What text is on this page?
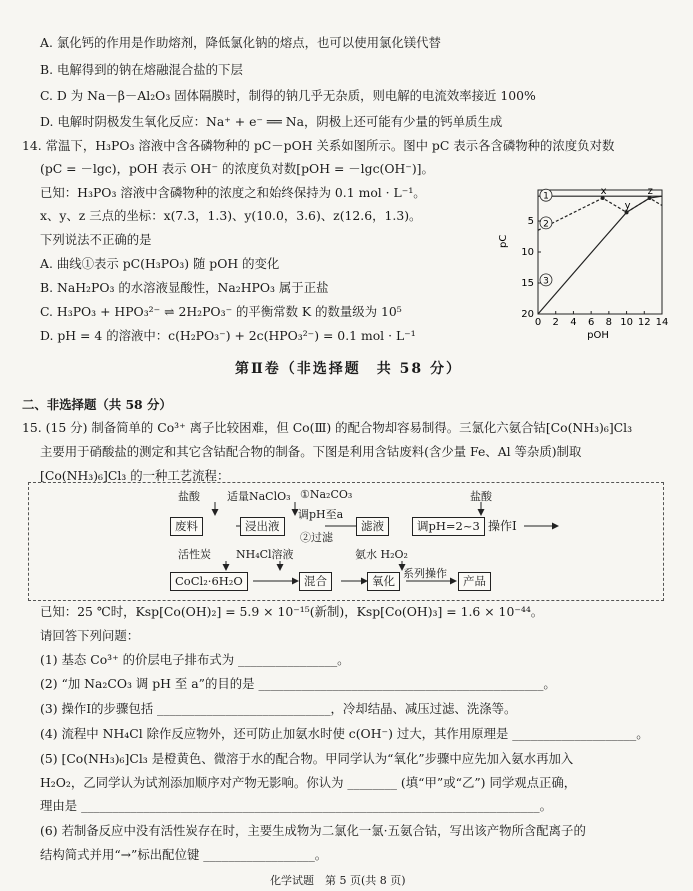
A. 氯化钙的作用是作助熔剂，降低氯化钠的熔点，也可以使用氯化镁代替
B. 电解得到的钠在熔融混合盐的下层
C. D 为 Na－β－Al₂O₃ 固体隔膜时，制得的钠几乎无杂质，则电解的电流效率接近 100%
D. 电解时阴极发生氧化反应：Na⁺ + e⁻ ══ Na，阴极上还可能有少量的钙单质生成
14. 常温下，H₃PO₃ 溶液中含各磷物种的 pC－pOH 关系如图所示。图中 pC 表示各含磷物种的浓度负对数
(pC = －lgc)，pOH 表示 OH⁻ 的浓度负对数[pOH = －lgc(OH⁻)]。
已知：H₃PO₃ 溶液中含磷物种的浓度之和始终保持为 0.1 mol · L⁻¹。
x、y、z 三点的坐标：x(7.3，1.3)、y(10.0，3.6)、z(12.6，1.3)。
下列说法不正确的是
A. 曲线①表示 pC(H₃PO₃) 随 pOH 的变化
B. NaH₂PO₃ 的水溶液显酸性，Na₂HPO₃ 属于正盐
C. H₃PO₃ + HPO₃²⁻ ⇌ 2H₂PO₃⁻ 的平衡常数 K 的数量级为 10⁵
D. pH = 4 的溶液中：c(H₂PO₃⁻) + 2c(HPO₃²⁻) = 0.1 mol · L⁻¹
1
2
3
x
y
z
0 2 4 6 8 10 12 14
5
10
15
20
pC
pOH
第Ⅱ卷（非选择题　共 58 分）
二、非选择题（共 58 分）
15. (15 分) 制备简单的 Co³⁺ 离子比较困难，但 Co(Ⅲ) 的配合物却容易制得。三氯化六氨合钴[Co(NH₃)₆]Cl₃
主要用于硝酸盐的测定和其它含钴配合物的制备。下图是利用含钴废料(含少量 Fe、Al 等杂质)制取
[Co(NH₃)₆]Cl₃ 的一种工艺流程：
盐酸 适量NaClO₃ ①Na₂CO₃
调pH至a
②过滤
盐酸
废料	浸出液	滤液	调pH=2~3 操作Ⅰ
活性炭 NH₄Cl溶液	氨水 H₂O₂
CoCl₂·6H₂O	混合	氧化
系列操作
产品
已知：25 ℃时，Ksp[Co(OH)₂] = 5.9 × 10⁻¹⁵(新制)，Ksp[Co(OH)₃] = 1.6 × 10⁻⁴⁴。
请回答下列问题：
(1) 基态 Co³⁺ 的价层电子排布式为 ________________。
(2) “加 Na₂CO₃ 调 pH 至 a”的目的是 ______________________________________________。
(3) 操作Ⅰ的步骤包括 ____________________________，冷却结晶、减压过滤、洗涤等。
(4) 流程中 NH₄Cl 除作反应物外，还可防止加氨水时使 c(OH⁻) 过大，其作用原理是 ____________________。
(5) [Co(NH₃)₆]Cl₃ 是橙黄色、微溶于水的配合物。甲同学认为“氧化”步骤中应先加入氨水再加入
H₂O₂，乙同学认为试剂添加顺序对产物无影响。你认为 ________ (填“甲”或“乙”) 同学观点正确，
理由是 __________________________________________________________________________。
(6) 若制备反应中没有活性炭存在时，主要生成物为二氯化一氯·五氨合钴，写出该产物所含配离子的
结构简式并用“→”标出配位键 __________________。
化学试题　第 5 页(共 8 页)
